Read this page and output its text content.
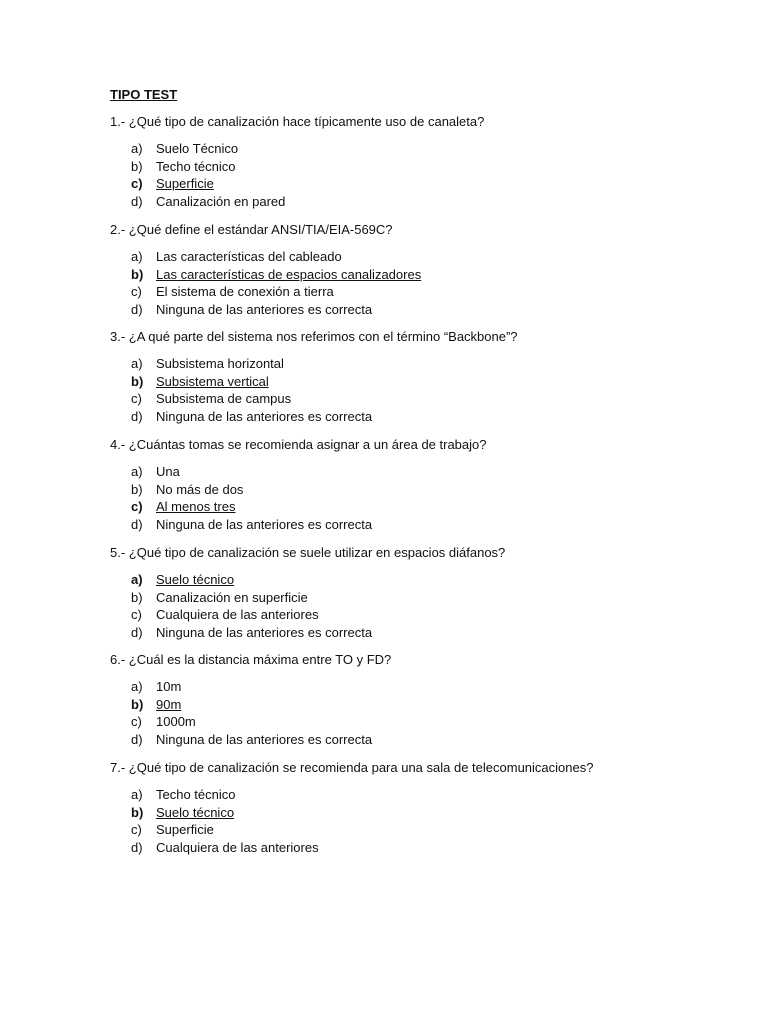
TIPO TEST
1.- ¿Qué tipo de canalización hace típicamente uso de canaleta?
a)	Suelo Técnico
b)	Techo técnico
c)	Superficie
d)	Canalización en pared
2.- ¿Qué define el estándar ANSI/TIA/EIA-569C?
a)	Las características del cableado
b) Las características de espacios canalizadores
c)	El sistema de conexión a tierra
d)	Ninguna de las anteriores es correcta
3.- ¿A qué parte del sistema nos referimos con el término “Backbone”?
a)	Subsistema horizontal
b) Subsistema vertical
c)	Subsistema de campus
d)	Ninguna de las anteriores es correcta
4.- ¿Cuántas tomas se recomienda asignar a un área de trabajo?
a)	Una
b)	No más de dos
c)	Al menos tres
d)	Ninguna de las anteriores es correcta
5.- ¿Qué tipo de canalización se suele utilizar en espacios diáfanos?
a)	Suelo técnico
b)	Canalización en superficie
c)	Cualquiera de las anteriores
d)	Ninguna de las anteriores es correcta
6.- ¿Cuál es la distancia máxima entre TO y FD?
a)	10m
b) 90m
c)	1000m
d)	Ninguna de las anteriores es correcta
7.- ¿Qué tipo de canalización se recomienda para una sala de telecomunicaciones?
a)	Techo técnico
b) Suelo técnico
c)	Superficie
d)	Cualquiera de las anteriores
